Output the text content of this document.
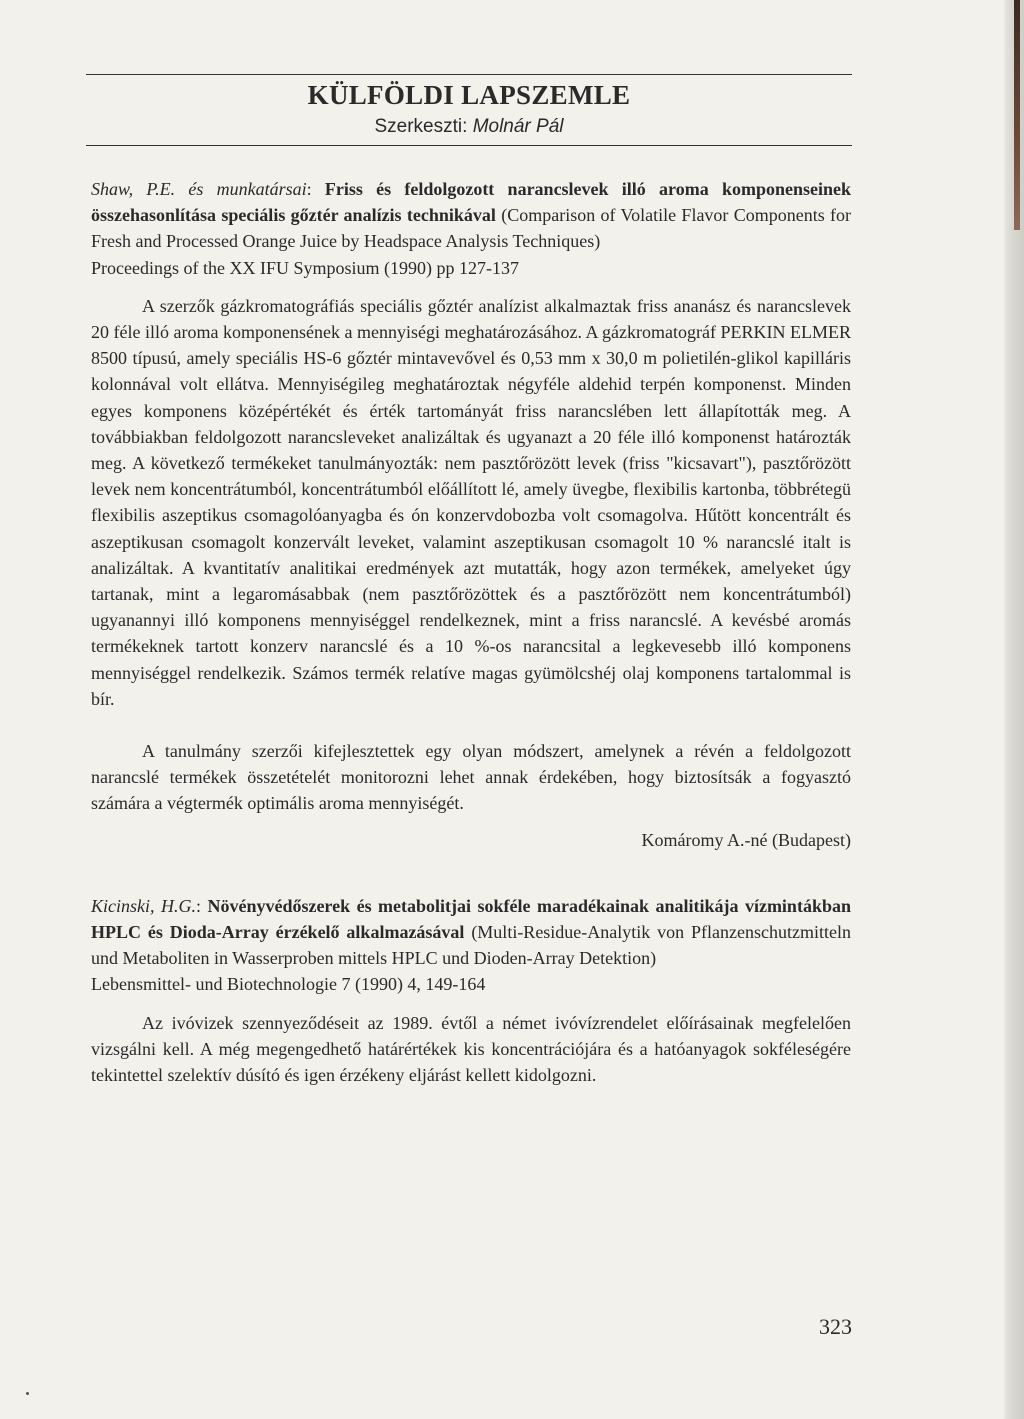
KÜLFÖLDI LAPSZEMLE
Szerkeszti: Molnár Pál

Shaw, P.E. és munkatársai: Friss és feldolgozott narancslevek illó aroma komponenseinek összehasonlítása speciális gőztér analízis technikával (Comparison of Volatile Flavor Components for Fresh and Processed Orange Juice by Headspace Analysis Techniques)

Proceedings of the XX IFU Symposium (1990) pp 127-137

A szerzők gázkromatográfiás speciális gőztér analízist alkalmaztak friss ananász és narancslevek 20 féle illó aroma komponensének a mennyiségi meghatározásához. A gázkromatográf PERKIN ELMER 8500 típusú, amely speciális HS-6 gőztér mintavevővel és 0,53 mm x 30,0 m polietilén-glikol kapilláris kolonnával volt ellátva. Mennyiségileg meghatároztak négyféle aldehid terpén komponenst. Minden egyes komponens középértékét és érték tartományát friss narancslében lett állapították meg. A továbbiakban feldolgozott narancsleveket analizáltak és ugyanazt a 20 féle illó komponenst határozták meg. A következő termékeket tanulmányozták: nem pasztőrözött levek (friss "kicsavart"), pasztőrözött levek nem koncentrátumból, koncentrátumból előállított lé, amely üvegbe, flexibilis kartonba, többrétegü flexibilis aszeptikus csomagolóanyagba és ón konzervdobozba volt csomagolva. Hűtött koncentrált és aszeptikusan csomagolt konzervált leveket, valamint aszeptikusan csomagolt 10 % narancslé italt is analizáltak. A kvantitatív analitikai eredmények azt mutatták, hogy azon termékek, amelyeket úgy tartanak, mint a legaromásabbak (nem pasztőrözöttek és a pasztőrözött nem koncentrátumból) ugyanannyi illó komponens mennyiséggel rendelkeznek, mint a friss narancslé. A kevésbé aromás termékeknek tartott konzerv narancslé és a 10 %-os narancsital a legkevesebb illó komponens mennyiséggel rendelkezik. Számos termék relatíve magas gyümölcshéj olaj komponens tartalommal is bír.

A tanulmány szerzői kifejlesztettek egy olyan módszert, amelynek a révén a feldolgozott narancslé termékek összetételét monitorozni lehet annak érdekében, hogy biztosítsák a fogyasztó számára a végtermék optimális aroma mennyiségét.

Komáromy A.-né (Budapest)

Kicinski, H.G.: Növényvédőszerek és metabolitjai sokféle maradékainak analitikája vízmintákban HPLC és Dioda-Array érzékelő alkalmazásával (Multi-Residue-Analytik von Pflanzenschutzmitteln und Metaboliten in Wasserproben mittels HPLC und Dioden-Array Detektion)

Lebensmittel- und Biotechnologie 7 (1990) 4, 149-164

Az ivóvizek szennyeződéseit az 1989. évtől a német ivóvízrendelet előírásainak megfelelően vizsgálni kell. A még megengedhető határértékek kis koncentrációjára és a hatóanyagok sokféleségére tekintettel szelektív dúsító és igen érzékeny eljárást kellett kidolgozni.

323
